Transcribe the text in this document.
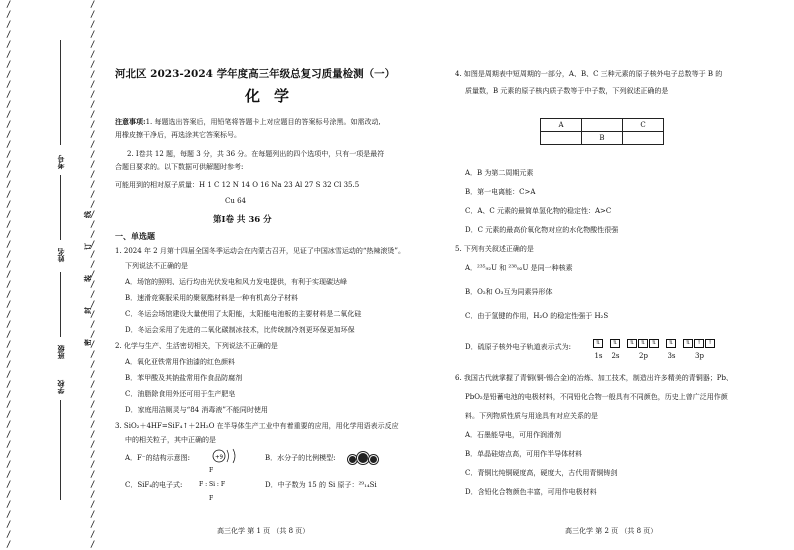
/
/
/
/
/
/
/
/
/
/
/
/
/
/
/
/
/
/
/
/
/
/
/
/
/
/
/
/
/
/
/
/
/
/
/
/
/
/
/
/
/
/
/
/
/
/
/
/
/
/
/
/
/
/
/
/
/
/
/
/
/
/
/
/
/
/
/
/
/
/
/
/
/
/
/
/
/
/
/
/
/
/
/
/
/
/
/
/
/
/
/
/
/
/
/
/
/
/
/
/
/
/
/
/
/
/
/
/
/
/
考号
姓名
班级
学校
线
订
装
封
密
河北区 2023-2024 学年度高三年级总复习质量检测（一）
化学
注意事项:1. 每题选出答案后，用铅笔将答题卡上对应题目的答案标号涂黑。如需改动,
用橡皮擦干净后，再选涂其它答案标号。
2. Ⅰ卷共 12 题，每题 3 分，共 36 分。在每题列出的四个选项中，只有一项是最符
合题目要求的。以下数据可供解题时参考:
可能用到的相对原子质量：H 1 C 12 N 14 O 16 Na 23 Al 27 S 32 Cl 35.5
Cu 64
第Ⅰ卷 共 36 分
一、单选题
1. 2024 年 2 月第十四届全国冬季运动会在内蒙古召开，见证了中国冰雪运动的“热辣滚烫”。
下列说法不正确的是
A．场馆的照明、运行均由光伏发电和风力发电提供，有利于实现碳达峰
B．速滑竞赛服采用的聚氨酯材料是一种有机高分子材料
C．冬运会场馆建设大量使用了太阳能，太阳能电池板的主要材料是二氧化硅
D．冬运会采用了先进的二氧化碳制冰技术，比传统制冷剂更环保更加环保
2. 化学与生产、生活密切相关，下列说法不正确的是
A．氧化亚铁常用作油漆的红色颜料
B．苯甲酸及其钠盐常用作食品防腐剂
C．油脂除食用外还可用于生产肥皂
D．家庭用洁厕灵与“84 消毒液”不能同时使用
3. SiO₂＋4HF=SiF₄↑＋2H₂O 在半导体生产工业中有着重要的应用，用化学用语表示反应
中的相关粒子，其中正确的是
A．F⁻的结构示意图:	+9	B．水分子的比例模型:
C．SiF₄的电子式:
F
F : Si : F
F
D．中子数为 15 的 Si 原子：²⁹₁₄Si
高三化学 第 1 页 （共 8 页）
4. 如图是周期表中短周期的一部分，A、B、C 三种元素的原子核外电子总数等于 B 的
质量数，B 元素的原子核内质子数等于中子数，下列叙述正确的是
A		C
	B	
A．B 为第二周期元素
B．第一电离能：C>A
C．A、C 元素的最简单氢化物的稳定性：A>C
D．C 元素的最高价氧化物对应的水化物酸性很强
5. 下列有关叙述正确的是
A．²³⁵₉₂U 和 ²³⁸₉₂U 是同一种核素
B．O₂和 O₃互为同素异形体
C．由于氢键的作用，H₂O 的稳定性强于 H₂S
D．硫原子核外电子轨道表示式为:	⇅
1s
⇅
2s
⇅ ⇅ ⇅
2p
⇅
3s
⇅ ↑ ↑
3p
6. 我国古代就掌握了青铜(铜-锡合金)的冶炼、加工技术，制造出许多精美的青铜器；Pb、
PbO₂是铅蓄电池的电极材料，不同铅化合物一般具有不同颜色，历史上曾广泛用作颜
料。下列物质性质与用途具有对应关系的是
A．石墨能导电，可用作润滑剂
B．单晶硅熔点高，可用作半导体材料
C．青铜比纯铜硬度高，硬度大，古代用青铜铸剑
D．含铅化合物颜色丰富，可用作电极材料
高三化学 第 2 页 （共 8 页）
